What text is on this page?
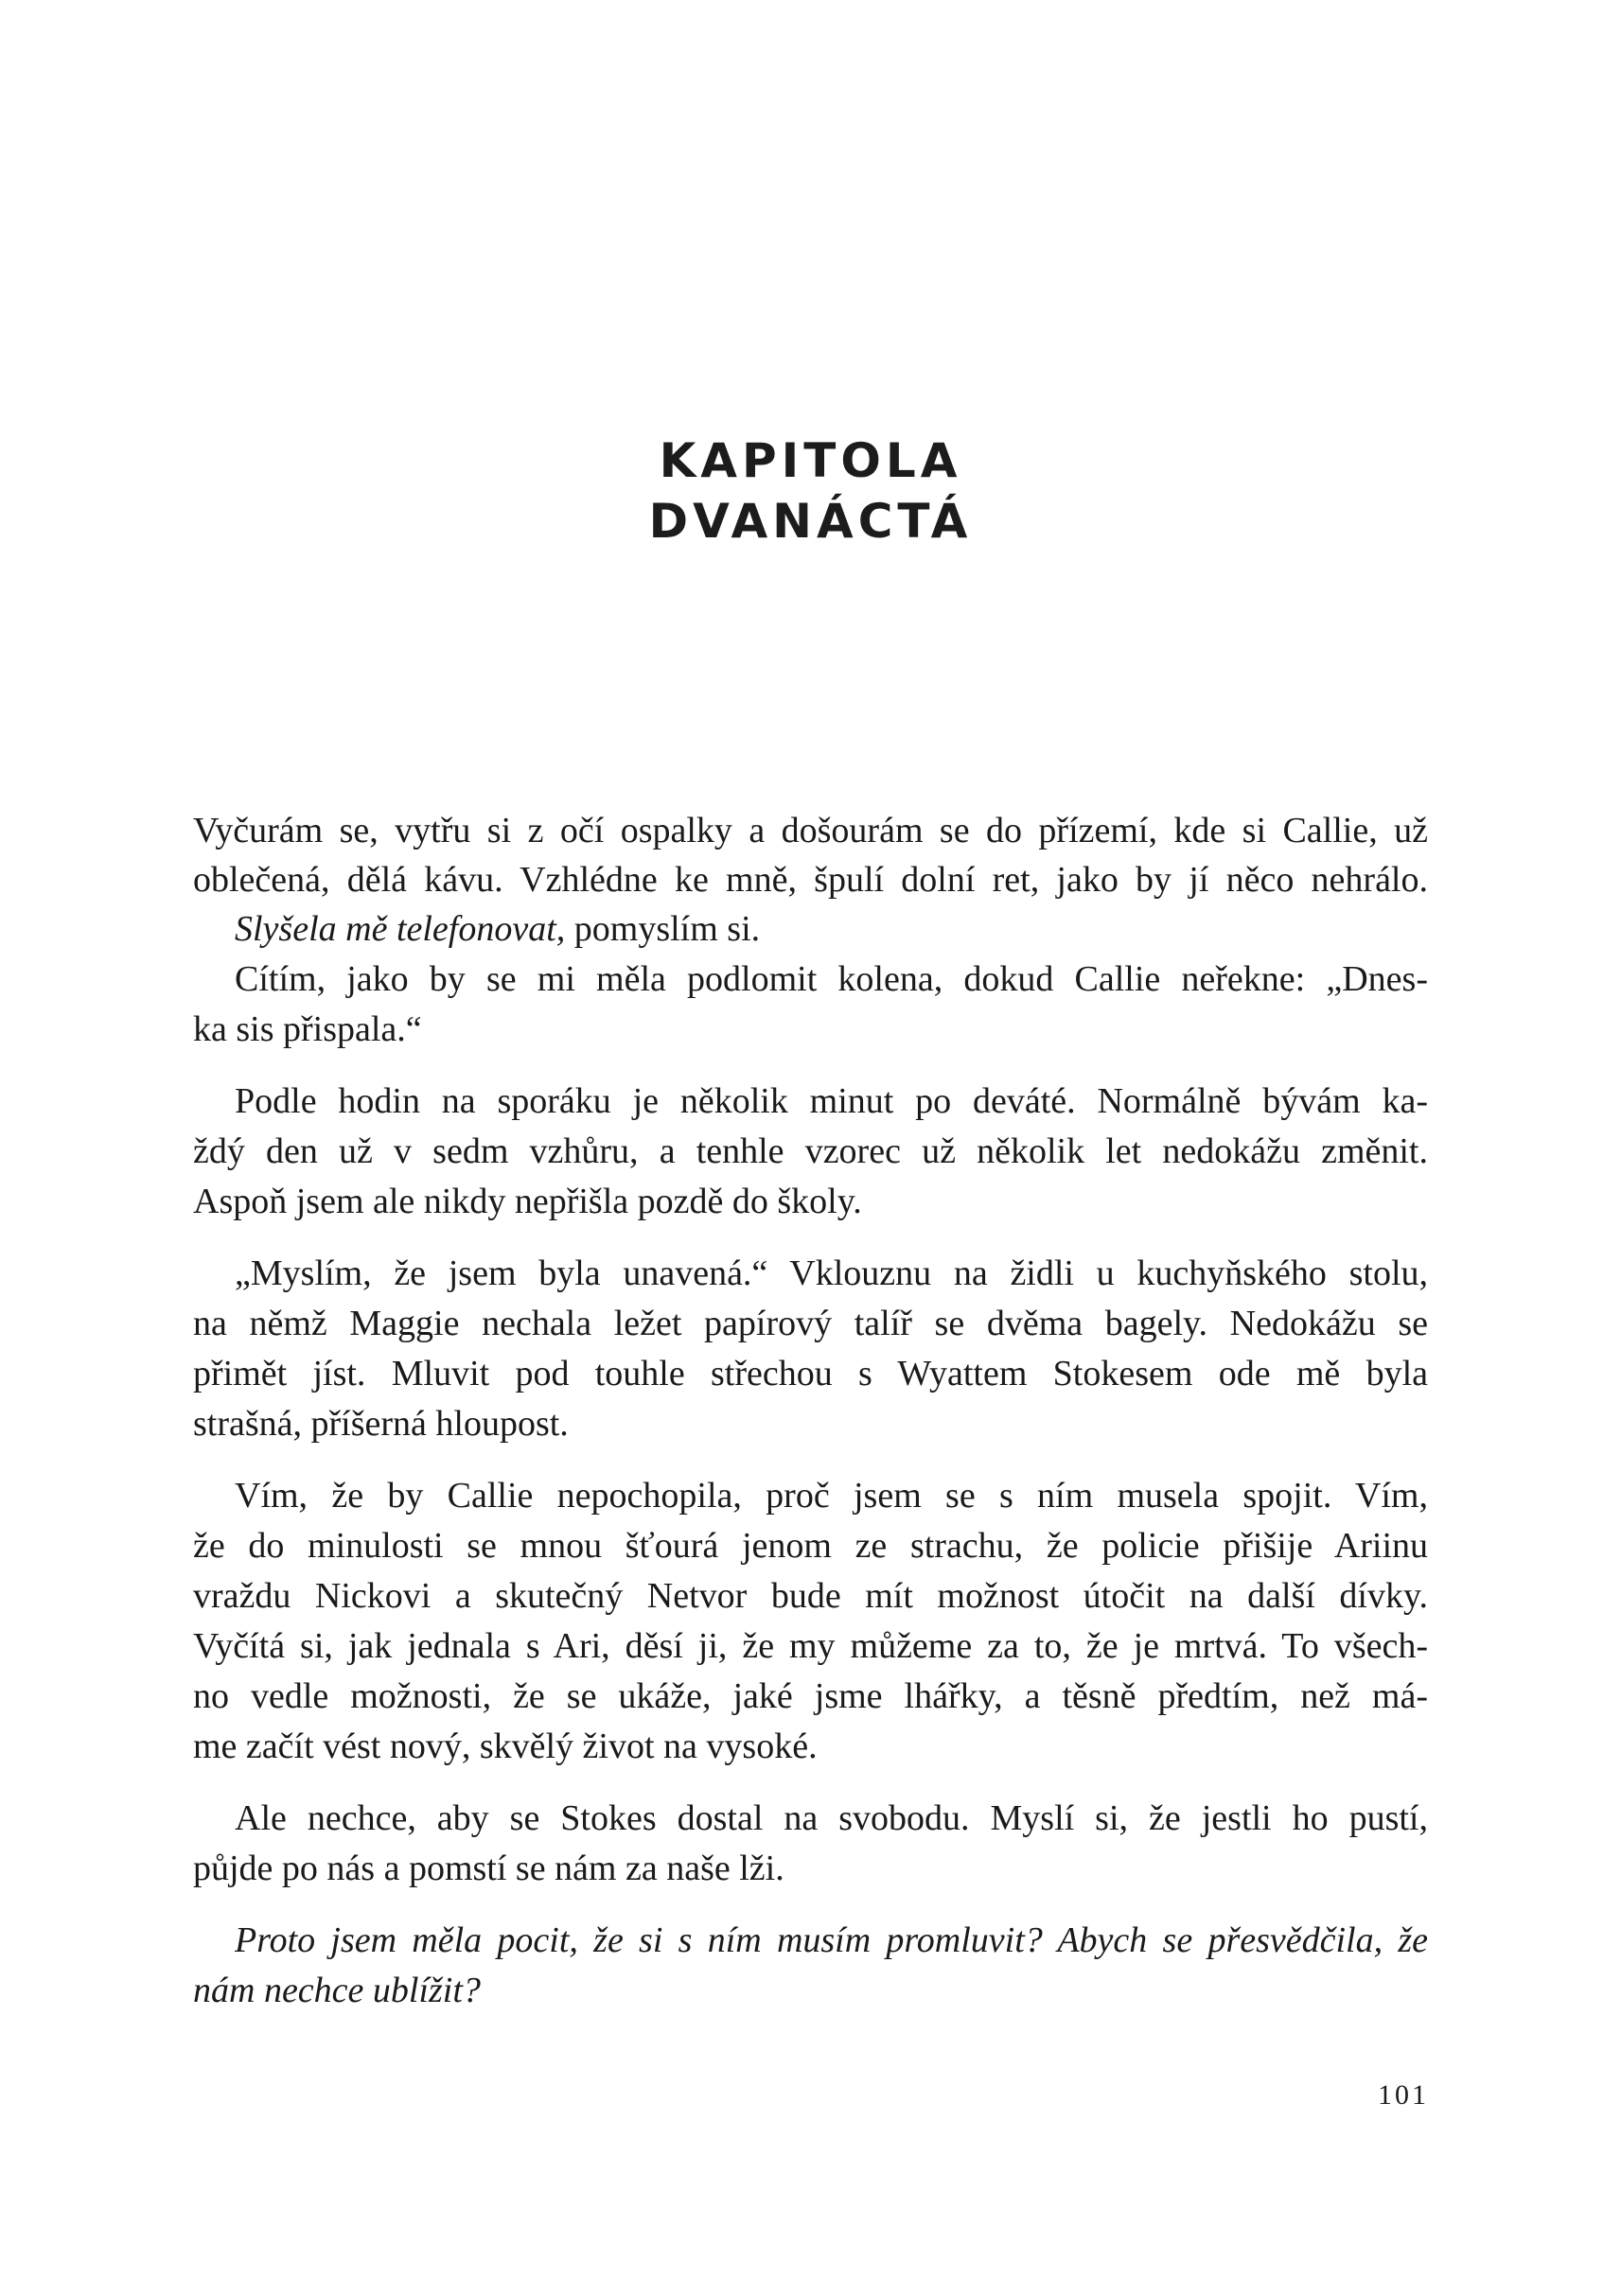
KAPITOLA
DVANÁCTÁ
Vyčurám se, vytřu si z očí ospalky a došourám se do přízemí, kde si Callie, už
oblečená, dělá kávu. Vzhlédne ke mně, špulí dolní ret, jako by jí něco nehrálo.
Slyšela mě telefonovat, pomyslím si.
Cítím, jako by se mi měla podlomit kolena, dokud Callie neřekne: „Dnes-
ka sis přispala.“
Podle hodin na sporáku je několik minut po deváté. Normálně bývám ka-
ždý den už v sedm vzhůru, a tenhle vzorec už několik let nedokážu změnit.
Aspoň jsem ale nikdy nepřišla pozdě do školy.
„Myslím, že jsem byla unavená.“ Vklouznu na židli u kuchyňského stolu,
na němž Maggie nechala ležet papírový talíř se dvěma bagely. Nedokážu se
přimět jíst. Mluvit pod touhle střechou s Wyattem Stokesem ode mě byla
strašná, příšerná hloupost.
Vím, že by Callie nepochopila, proč jsem se s ním musela spojit. Vím,
že do minulosti se mnou šťourá jenom ze strachu, že policie přišije Ariinu
vraždu Nickovi a skutečný Netvor bude mít možnost útočit na další dívky.
Vyčítá si, jak jednala s Ari, děsí ji, že my můžeme za to, že je mrtvá. To všech-
no vedle možnosti, že se ukáže, jaké jsme lhářky, a těsně předtím, než má-
me začít vést nový, skvělý život na vysoké.
Ale nechce, aby se Stokes dostal na svobodu. Myslí si, že jestli ho pustí,
půjde po nás a pomstí se nám za naše lži.
Proto jsem měla pocit, že si s ním musím promluvit? Abych se přesvědčila, že
nám nechce ublížit?
101
